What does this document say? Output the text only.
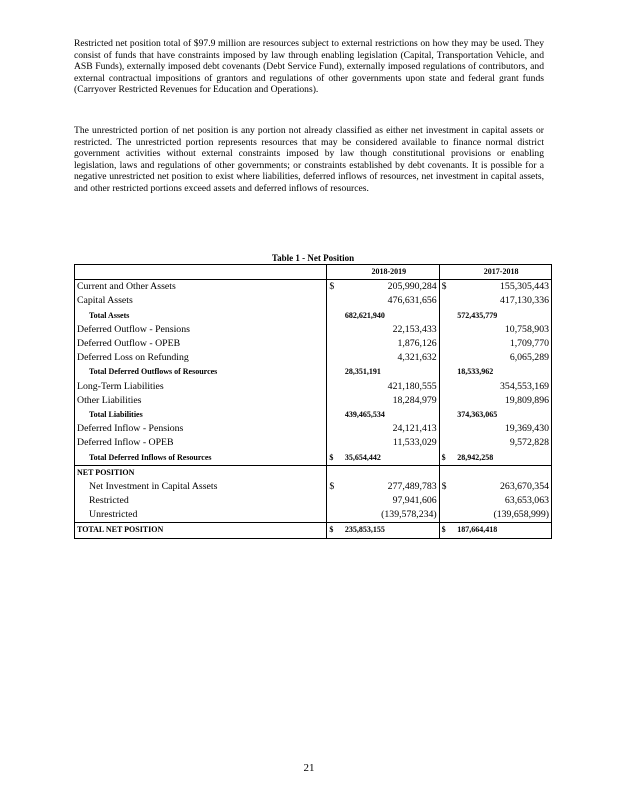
Restricted net position total of $97.9 million are resources subject to external restrictions on how they may be used. They consist of funds that have constraints imposed by law through enabling legislation (Capital, Transportation Vehicle, and ASB Funds), externally imposed debt covenants (Debt Service Fund), externally imposed regulations of contributors, and external contractual impositions of grantors and regulations of other governments upon state and federal grant funds (Carryover Restricted Revenues for Education and Operations).

The unrestricted portion of net position is any portion not already classified as either net investment in capital assets or restricted. The unrestricted portion represents resources that may be considered available to finance normal district government activities without external constraints imposed by law though constitutional provisions or enabling legislation, laws and regulations of other governments; or constraints established by debt covenants. It is possible for a negative unrestricted net position to exist where liabilities, deferred inflows of resources, net investment in capital assets, and other restricted portions exceed assets and deferred inflows of resources.

Table 1 - Net Position
		2018-2019		2017-2018
Current and Other Assets	$	205,990,284	$	155,305,443
Capital Assets		476,631,656		417,130,336
Total Assets		682,621,940		572,435,779
Deferred Outflow - Pensions		22,153,433		10,758,903
Deferred Outflow - OPEB		1,876,126		1,709,770
Deferred Loss on Refunding		4,321,632		6,065,289
Total Deferred Outflows of Resources		28,351,191		18,533,962
Long-Term Liabilities		421,180,555		354,553,169
Other Liabilities		18,284,979		19,809,896
Total Liabilities		439,465,534		374,363,065
Deferred Inflow - Pensions		24,121,413		19,369,430
Deferred Inflow - OPEB		11,533,029		9,572,828
Total Deferred Inflows of Resources	$	35,654,442	$	28,942,258
NET POSITION				
Net Investment in Capital Assets	$	277,489,783	$	263,670,354
Restricted		97,941,606		63,653,063
Unrestricted		(139,578,234)		(139,658,999)
TOTAL NET POSITION	$	235,853,155	$	187,664,418
21
